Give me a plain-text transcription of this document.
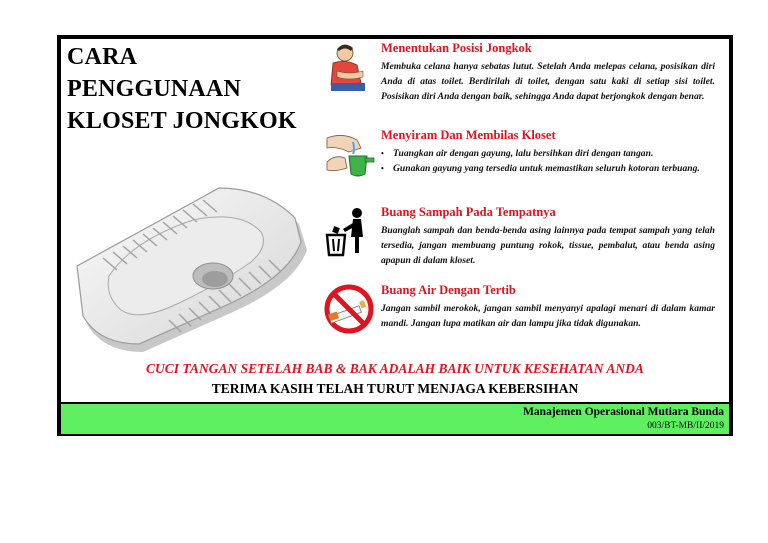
CARA
PENGGUNAAN
KLOSET JONGKOK
Menentukan Posisi Jongkok

Membuka celana hanya sebatas lutut. Setelah Anda melepas celana, posisikan diri Anda di atas toilet. Berdirilah di toilet, dengan satu kaki di setiap sisi toilet. Posisikan diri Anda dengan baik, sehingga Anda dapat berjongkok dengan benar.

Menyiram Dan Membilas Kloset
• Tuangkan air dengan gayung, lalu bersihkan diri dengan tangan.
• Gunakan gayung yang tersedia untuk memastikan seluruh kotoran terbuang.
Buang Sampah Pada Tempatnya

Buanglah sampah dan benda-benda asing lainnya pada tempat sampah yang telah tersedia, jangan membuang puntung rokok, tissue, pembalut, atau benda asing apapun di dalam kloset.

Buang Air Dengan Tertib

Jangan sambil merokok, jangan sambil menyanyi apalagi menari di dalam kamar mandi. Jangan lupa matikan air dan lampu jika tidak digunakan.

CUCI TANGAN SETELAH BAB & BAK ADALAH BAIK UNTUK KESEHATAN ANDA
TERIMA KASIH TELAH TURUT MENJAGA KEBERSIHAN
Manajemen Operasional Mutiara Bunda
003/BT-MB/II/2019
